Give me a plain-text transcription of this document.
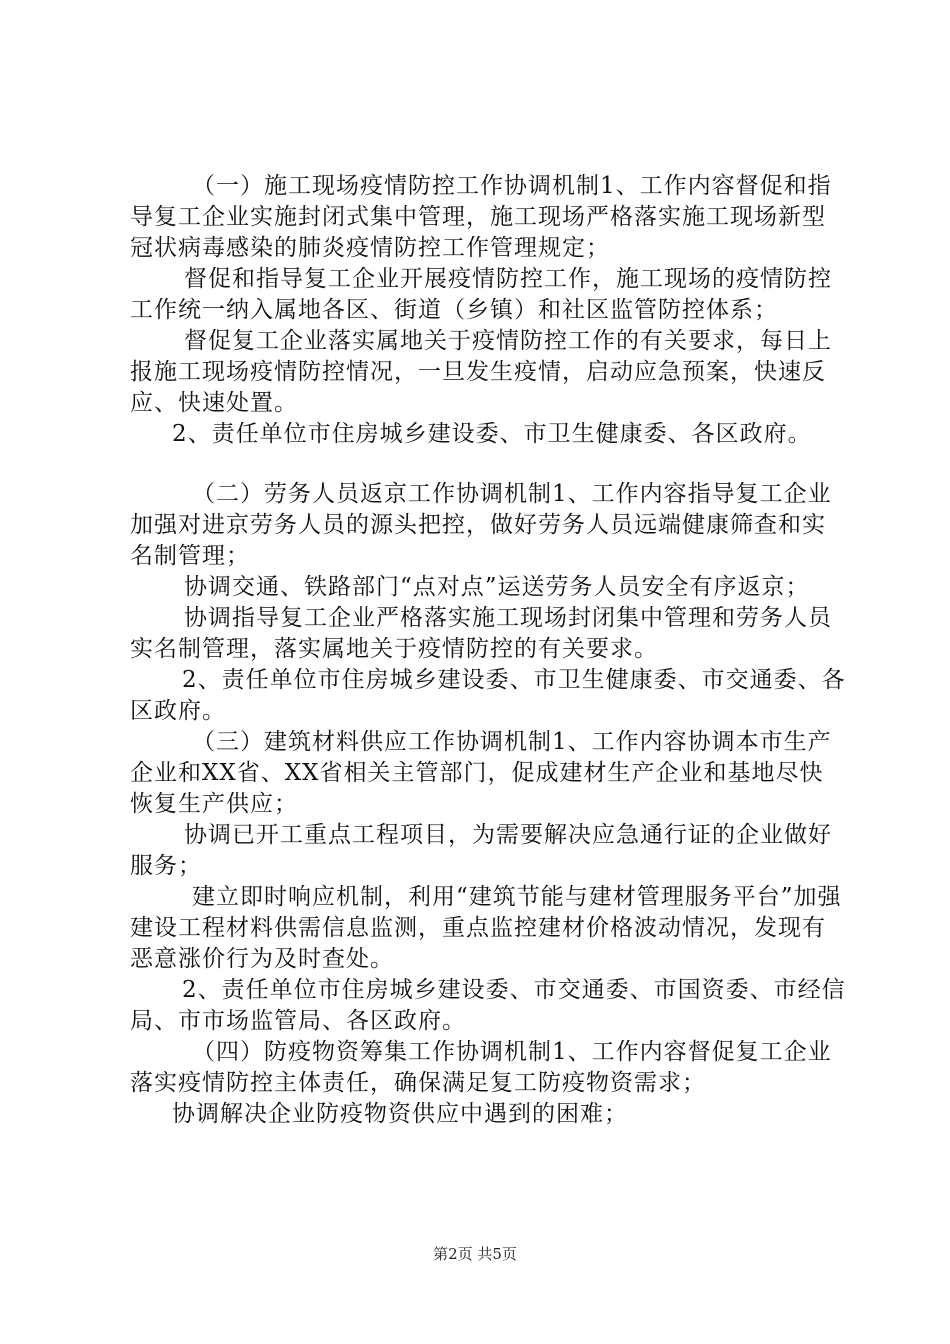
（一）施工现场疫情防控工作协调机制1、工作内容督促和指导复工企业实施封闭式集中管理，施工现场严格落实施工现场新型冠状病毒感染的肺炎疫情防控工作管理规定；

督促和指导复工企业开展疫情防控工作，施工现场的疫情防控工作统一纳入属地各区、街道（乡镇）和社区监管防控体系；

督促复工企业落实属地关于疫情防控工作的有关要求，每日上报施工现场疫情防控情况，一旦发生疫情，启动应急预案，快速反应、快速处置。

2、责任单位市住房城乡建设委、市卫生健康委、各区政府。

（二）劳务人员返京工作协调机制1、工作内容指导复工企业加强对进京劳务人员的源头把控，做好劳务人员远端健康筛查和实名制管理；

协调交通、铁路部门“点对点”运送劳务人员安全有序返京；

协调指导复工企业严格落实施工现场封闭集中管理和劳务人员实名制管理，落实属地关于疫情防控的有关要求。

2、责任单位市住房城乡建设委、市卫生健康委、市交通委、各区政府。

（三）建筑材料供应工作协调机制1、工作内容协调本市生产企业和XX省、XX省相关主管部门，促成建材生产企业和基地尽快恢复生产供应；

协调已开工重点工程项目，为需要解决应急通行证的企业做好服务；

建立即时响应机制，利用“建筑节能与建材管理服务平台”加强建设工程材料供需信息监测，重点监控建材价格波动情况，发现有恶意涨价行为及时查处。

2、责任单位市住房城乡建设委、市交通委、市国资委、市经信局、市市场监管局、各区政府。

（四）防疫物资筹集工作协调机制1、工作内容督促复工企业落实疫情防控主体责任，确保满足复工防疫物资需求；

协调解决企业防疫物资供应中遇到的困难；

第2页 共5页
